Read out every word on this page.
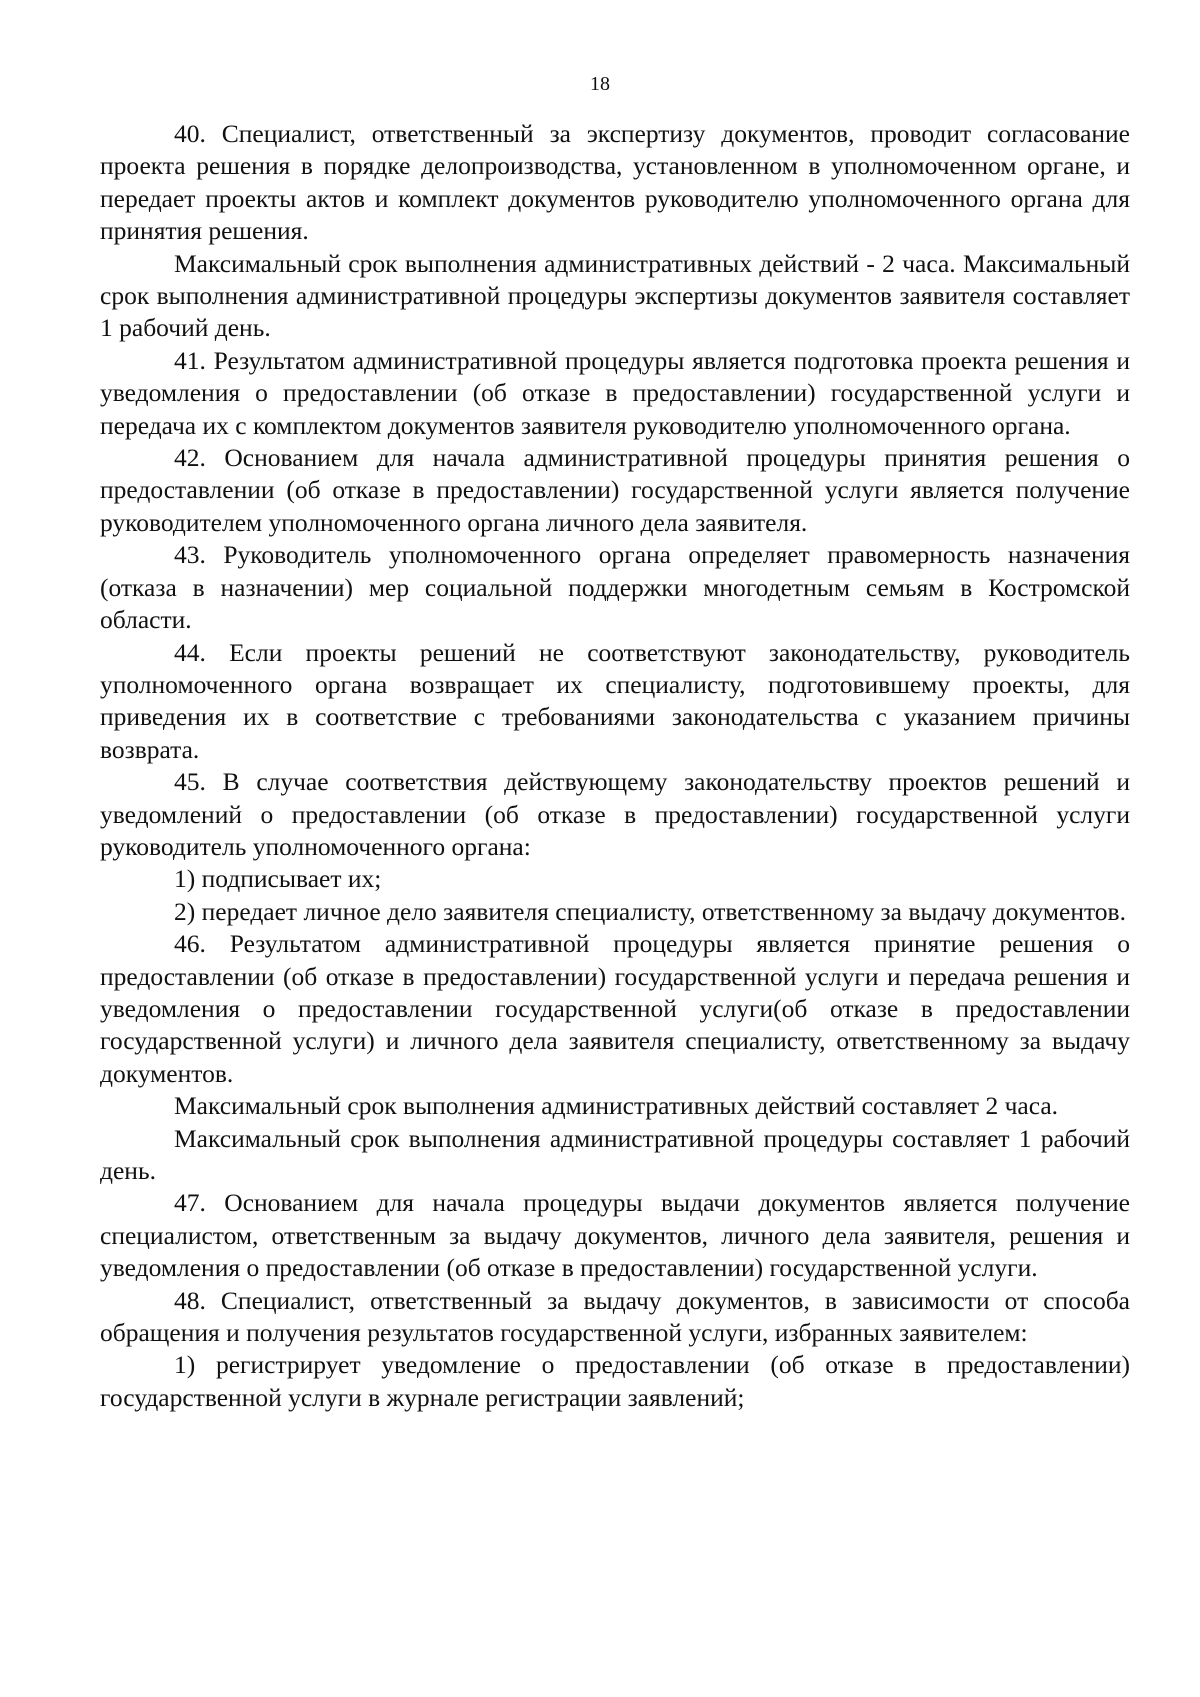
18

40. Специалист, ответственный за экспертизу документов, проводит согласование проекта решения в порядке делопроизводства, установленном в уполномоченном органе, и передает проекты актов и комплект документов руководителю уполномоченного органа для принятия решения.

Максимальный срок выполнения административных действий - 2 часа. Максимальный срок выполнения административной процедуры экспертизы документов заявителя составляет 1 рабочий день.

41. Результатом административной процедуры является подготовка проекта решения и уведомления о предоставлении (об отказе в предоставлении) государственной услуги и передача их с комплектом документов заявителя руководителю уполномоченного органа.

42. Основанием для начала административной процедуры принятия решения о предоставлении (об отказе в предоставлении) государственной услуги является получение руководителем уполномоченного органа личного дела заявителя.

43. Руководитель уполномоченного органа определяет правомерность назначения (отказа в назначении) мер социальной поддержки многодетным семьям в Костромской области.

44. Если проекты решений не соответствуют законодательству, руководитель уполномоченного органа возвращает их специалисту, подготовившему проекты, для приведения их в соответствие с требованиями законодательства с указанием причины возврата.

45. В случае соответствия действующему законодательству проектов решений и уведомлений о предоставлении (об отказе в предоставлении) государственной услуги руководитель уполномоченного органа:

1) подписывает их;

2) передает личное дело заявителя специалисту, ответственному за выдачу документов.

46. Результатом административной процедуры является принятие решения о предоставлении (об отказе в предоставлении) государственной услуги и передача решения и уведомления о предоставлении государственной услуги(об отказе в предоставлении государственной услуги) и личного дела заявителя специалисту, ответственному за выдачу документов.

Максимальный срок выполнения административных действий составляет 2 часа.

Максимальный срок выполнения административной процедуры составляет 1 рабочий день.

47. Основанием для начала процедуры выдачи документов является получение специалистом, ответственным за выдачу документов, личного дела заявителя, решения и уведомления о предоставлении (об отказе в предоставлении) государственной услуги.

48. Специалист, ответственный за выдачу документов, в зависимости от способа обращения и получения результатов государственной услуги, избранных заявителем:

1) регистрирует уведомление о предоставлении (об отказе в предоставлении) государственной услуги в журнале регистрации заявлений;
